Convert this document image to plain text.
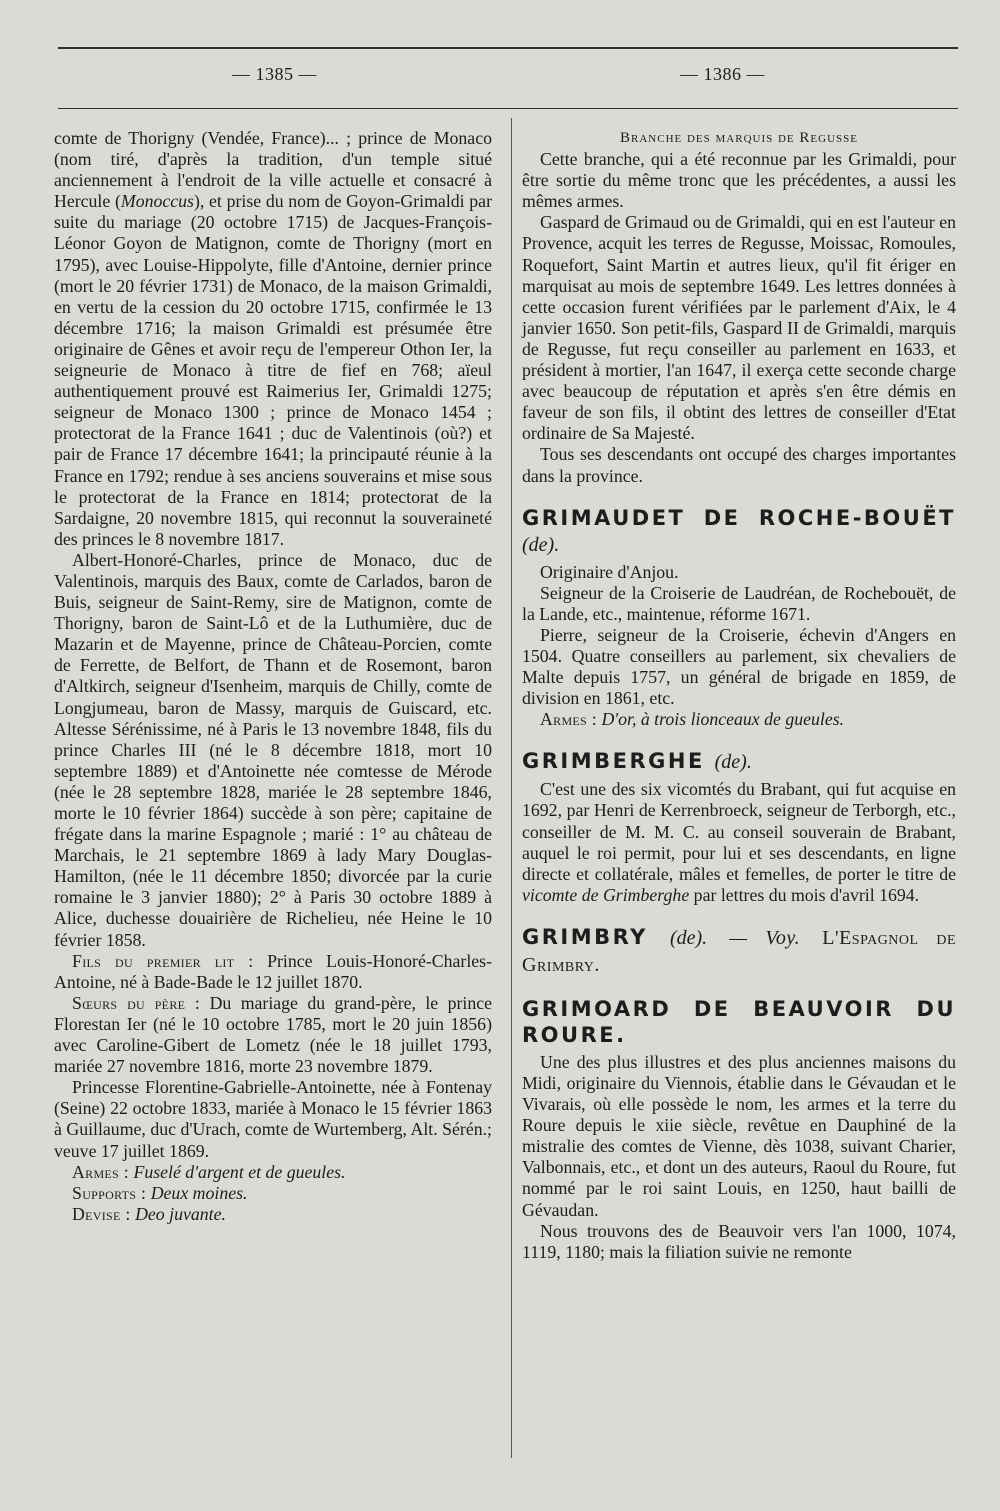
— 1385 —	— 1386 —

comte de Thorigny (Vendée, France)... ; prince de Monaco (nom tiré, d'après la tradition, d'un temple situé anciennement à l'endroit de la ville actuelle et consacré à Hercule (Monoccus), et prise du nom de Goyon-Grimaldi par suite du mariage (20 octobre 1715) de Jacques-François-Léonor Goyon de Matignon, comte de Thorigny (mort en 1795), avec Louise-Hippolyte, fille d'Antoine, dernier prince (mort le 20 février 1731) de Monaco, de la maison Grimaldi, en vertu de la cession du 20 octobre 1715, confirmée le 13 décembre 1716; la maison Grimaldi est présumée être originaire de Gênes et avoir reçu de l'empereur Othon Ier, la seigneurie de Monaco à titre de fief en 768; aïeul authentiquement prouvé est Raimerius Ier, Grimaldi 1275; seigneur de Monaco 1300 ; prince de Monaco 1454 ; protectorat de la France 1641 ; duc de Valentinois (où?) et pair de France 17 décembre 1641; la principauté réunie à la France en 1792; rendue à ses anciens souverains et mise sous le protectorat de la France en 1814; protectorat de la Sardaigne, 20 novembre 1815, qui reconnut la souveraineté des princes le 8 novembre 1817.

Albert-Honoré-Charles, prince de Monaco, duc de Valentinois, marquis des Baux, comte de Carlados, baron de Buis, seigneur de Saint-Remy, sire de Matignon, comte de Thorigny, baron de Saint-Lô et de la Luthumière, duc de Mazarin et de Mayenne, prince de Château-Porcien, comte de Ferrette, de Belfort, de Thann et de Rosemont, baron d'Altkirch, seigneur d'Isenheim, marquis de Chilly, comte de Longjumeau, baron de Massy, marquis de Guiscard, etc. Altesse Sérénissime, né à Paris le 13 novembre 1848, fils du prince Charles III (né le 8 décembre 1818, mort 10 septembre 1889) et d'Antoinette née comtesse de Mérode (née le 28 septembre 1828, mariée le 28 septembre 1846, morte le 10 février 1864) succède à son père; capitaine de frégate dans la marine Espagnole ; marié : 1° au château de Marchais, le 21 septembre 1869 à lady Mary Douglas-Hamilton, (née le 11 décembre 1850; divorcée par la curie romaine le 3 janvier 1880); 2° à Paris 30 octobre 1889 à Alice, duchesse douairière de Richelieu, née Heine le 10 février 1858.

Fils du premier lit : Prince Louis-Honoré-Charles-Antoine, né à Bade-Bade le 12 juillet 1870.

Sœurs du père : Du mariage du grand-père, le prince Florestan Ier (né le 10 octobre 1785, mort le 20 juin 1856) avec Caroline-Gibert de Lometz (née le 18 juillet 1793, mariée 27 novembre 1816, morte 23 novembre 1879.

Princesse Florentine-Gabrielle-Antoinette, née à Fontenay (Seine) 22 octobre 1833, mariée à Monaco le 15 février 1863 à Guillaume, duc d'Urach, comte de Wurtemberg, Alt. Sérén.; veuve 17 juillet 1869.

Armes : Fuselé d'argent et de gueules.

Supports : Deux moines.

Devise : Deo juvante.

Branche des marquis de Regusse

Cette branche, qui a été reconnue par les Grimaldi, pour être sortie du même tronc que les précédentes, a aussi les mêmes armes.

Gaspard de Grimaud ou de Grimaldi, qui en est l'auteur en Provence, acquit les terres de Regusse, Moissac, Romoules, Roquefort, Saint Martin et autres lieux, qu'il fit ériger en marquisat au mois de septembre 1649. Les lettres données à cette occasion furent vérifiées par le parlement d'Aix, le 4 janvier 1650. Son petit-fils, Gaspard II de Grimaldi, marquis de Regusse, fut reçu conseiller au parlement en 1633, et président à mortier, l'an 1647, il exerça cette seconde charge avec beaucoup de réputation et après s'en être démis en faveur de son fils, il obtint des lettres de conseiller d'Etat ordinaire de Sa Majesté.

Tous ses descendants ont occupé des charges importantes dans la province.

GRIMAUDET DE ROCHE-BOUËT (de).

Originaire d'Anjou.

Seigneur de la Croiserie de Laudréan, de Rochebouët, de la Lande, etc., maintenue, réforme 1671.

Pierre, seigneur de la Croiserie, échevin d'Angers en 1504. Quatre conseillers au parlement, six chevaliers de Malte depuis 1757, un général de brigade en 1859, de division en 1861, etc.

Armes : D'or, à trois lionceaux de gueules.

GRIMBERGHE (de).

C'est une des six vicomtés du Brabant, qui fut acquise en 1692, par Henri de Kerrenbroeck, seigneur de Terborgh, etc., conseiller de M. M. C. au conseil souverain de Brabant, auquel le roi permit, pour lui et ses descendants, en ligne directe et collatérale, mâles et femelles, de porter le titre de vicomte de Grimberghe par lettres du mois d'avril 1694.

GRIMBRY (de). — Voy. L'Espagnol de Grimbry.
GRIMOARD DE BEAUVOIR DU ROURE.

Une des plus illustres et des plus anciennes maisons du Midi, originaire du Viennois, établie dans le Gévaudan et le Vivarais, où elle possède le nom, les armes et la terre du Roure depuis le xiie siècle, revêtue en Dauphiné de la mistralie des comtes de Vienne, dès 1038, suivant Charier, Valbonnais, etc., et dont un des auteurs, Raoul du Roure, fut nommé par le roi saint Louis, en 1250, haut bailli de Gévaudan.

Nous trouvons des de Beauvoir vers l'an 1000, 1074, 1119, 1180; mais la filiation suivie ne remonte
